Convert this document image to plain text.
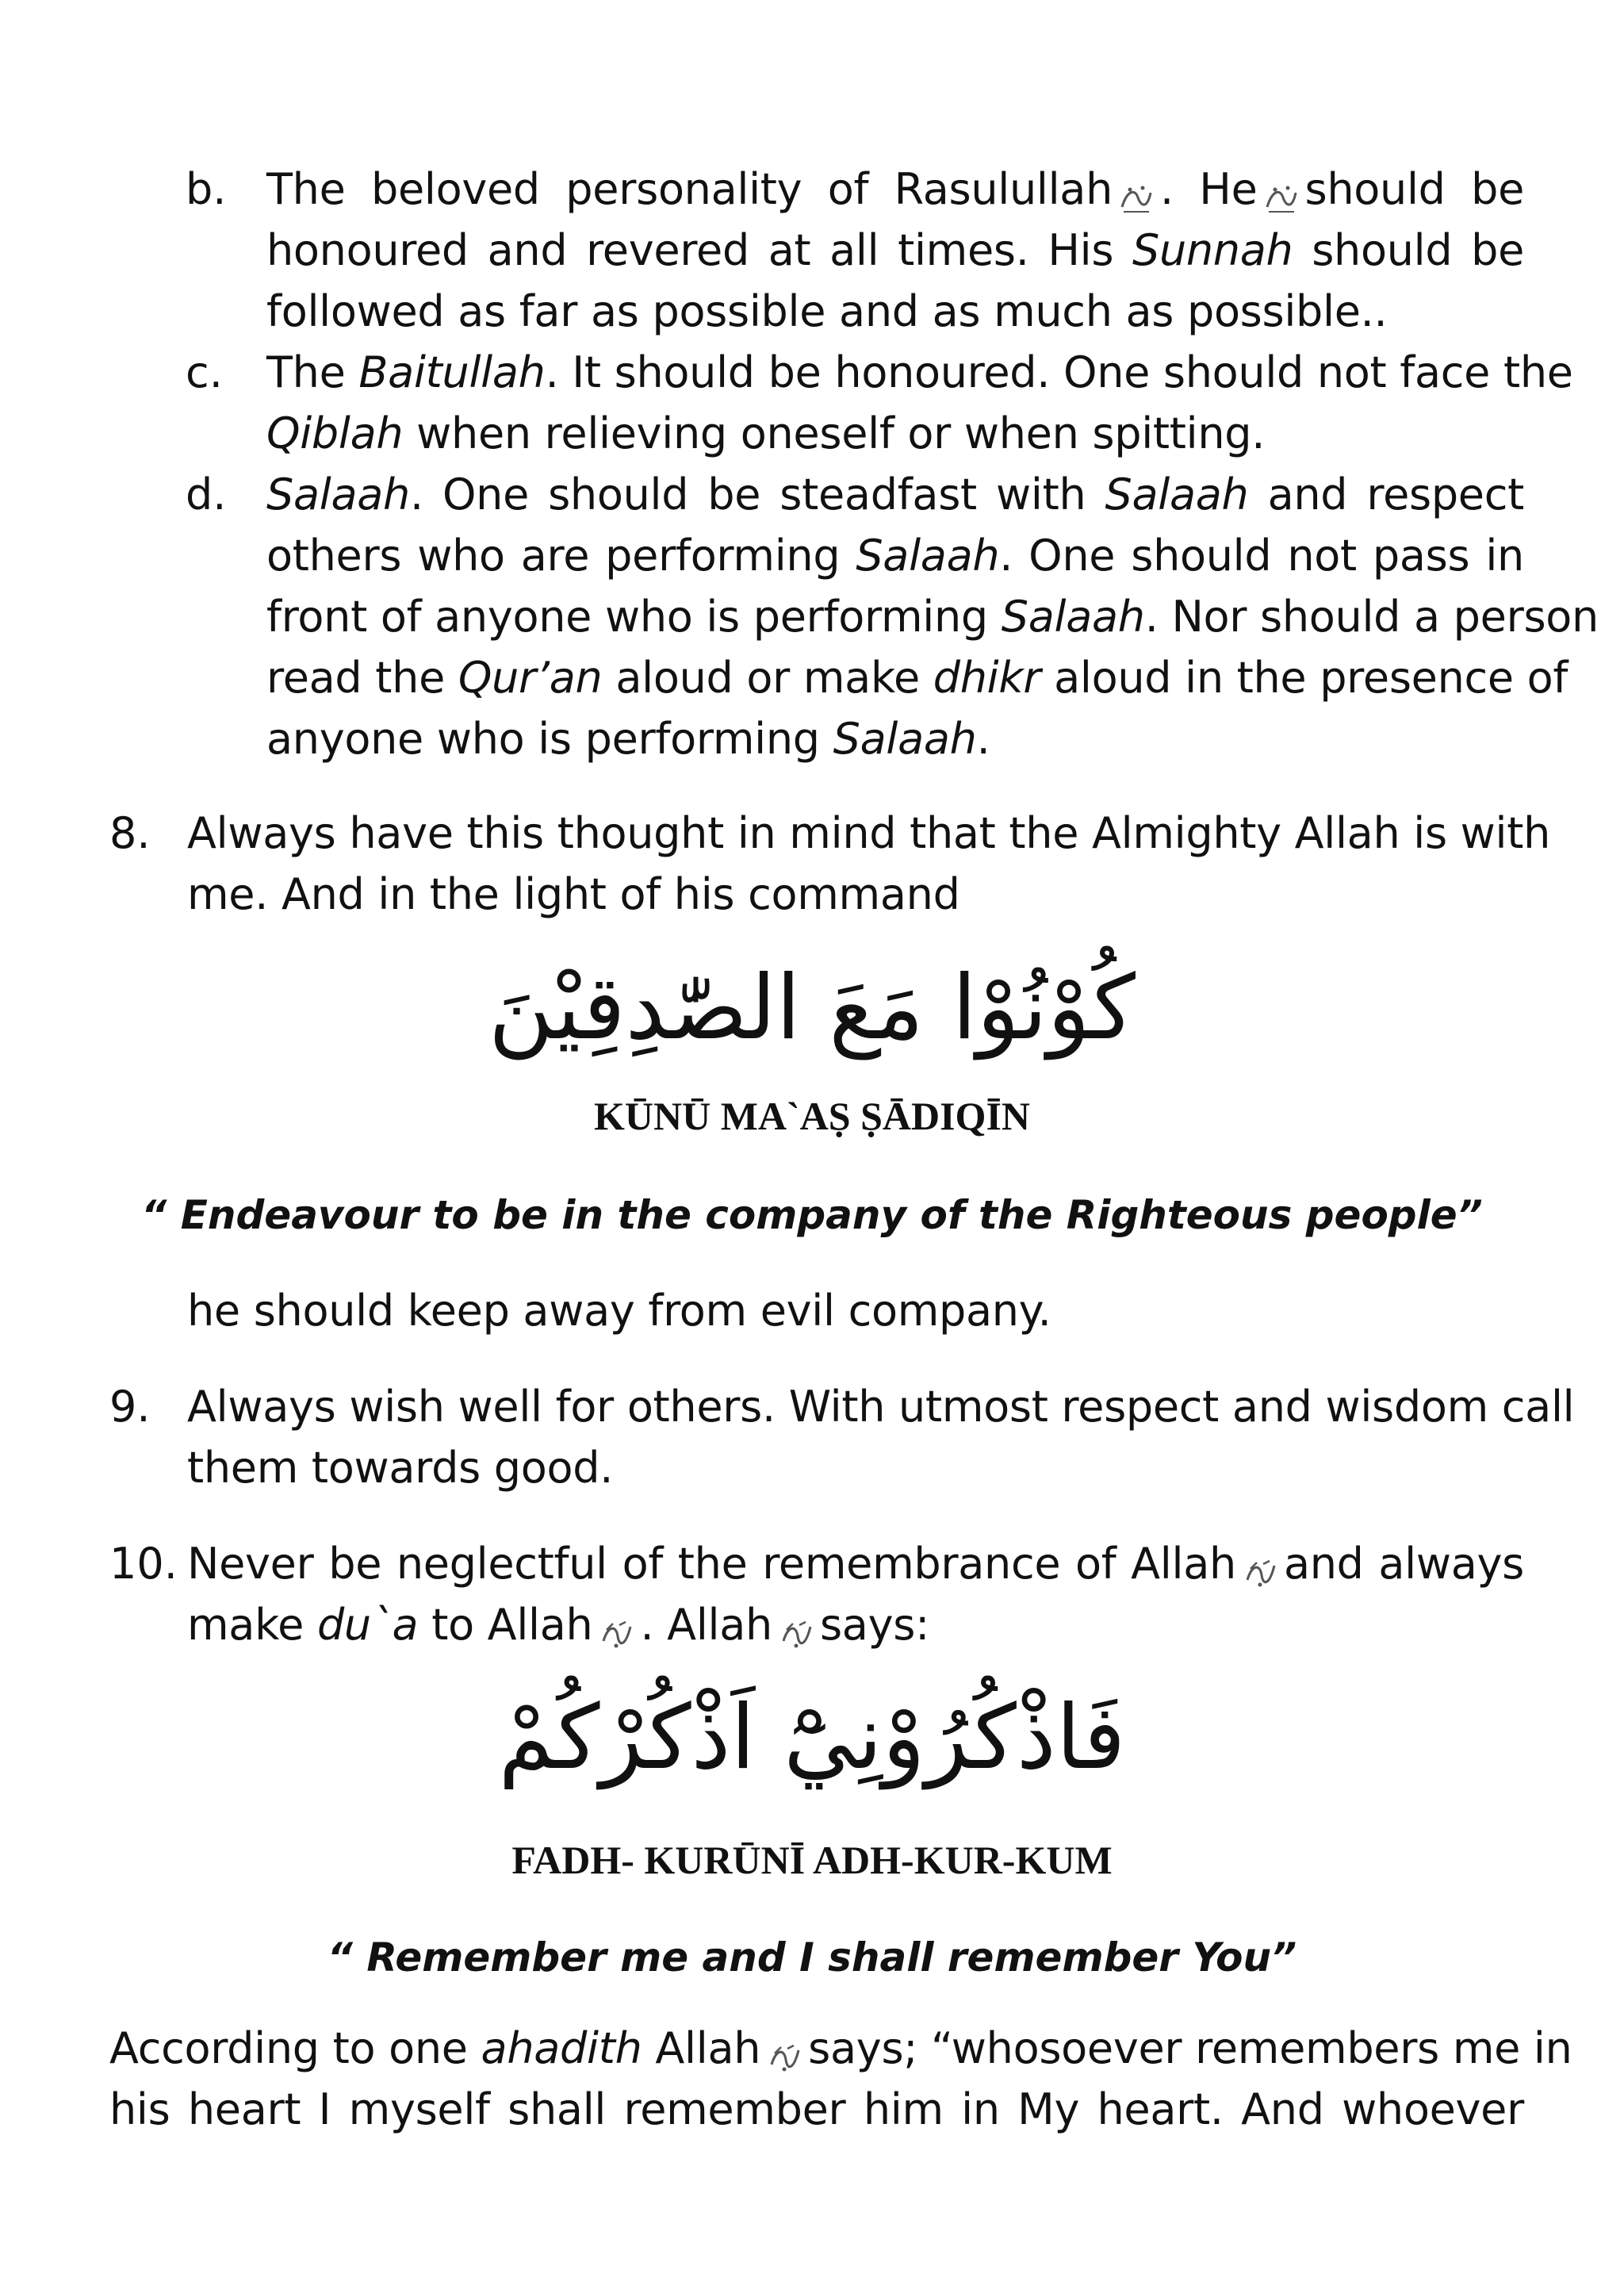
b. The beloved personality of Rasulullah . He should be
honoured and revered at all times. His Sunnah should be
followed as far as possible and as much as possible..
c. The Baitullah. It should be honoured. One should not face the
Qiblah when relieving oneself or when spitting.
d. Salaah. One should be steadfast with Salaah and respect
others who are performing Salaah. One should not pass in
front of anyone who is performing Salaah. Nor should a person
read the Qur’an aloud or make dhikr aloud in the presence of
anyone who is performing Salaah.
8. Always have this thought in mind that the Almighty Allah is with
me. And in the light of his command
كُوْنُوْا مَعَ الصّٰدِقِيْنَ
KŪNŪ MA`AṢ ṢĀDIQĪN
“ Endeavour to be in the company of the Righteous people”
he should keep away from evil company.
9. Always wish well for others. With utmost respect and wisdom call
them towards good.
10. Never be neglectful of the remembrance of Allah and always
make du`a to Allah . Allah says:
فَاذْكُرُوْنِيْٓ اَذْكُرْكُمْ
FADH- KURŪNĪ ADH-KUR-KUM
“ Remember me and I shall remember You”
According to one ahadith Allah says; “whosoever remembers me in
his heart I myself shall remember him in My heart. And whoever
